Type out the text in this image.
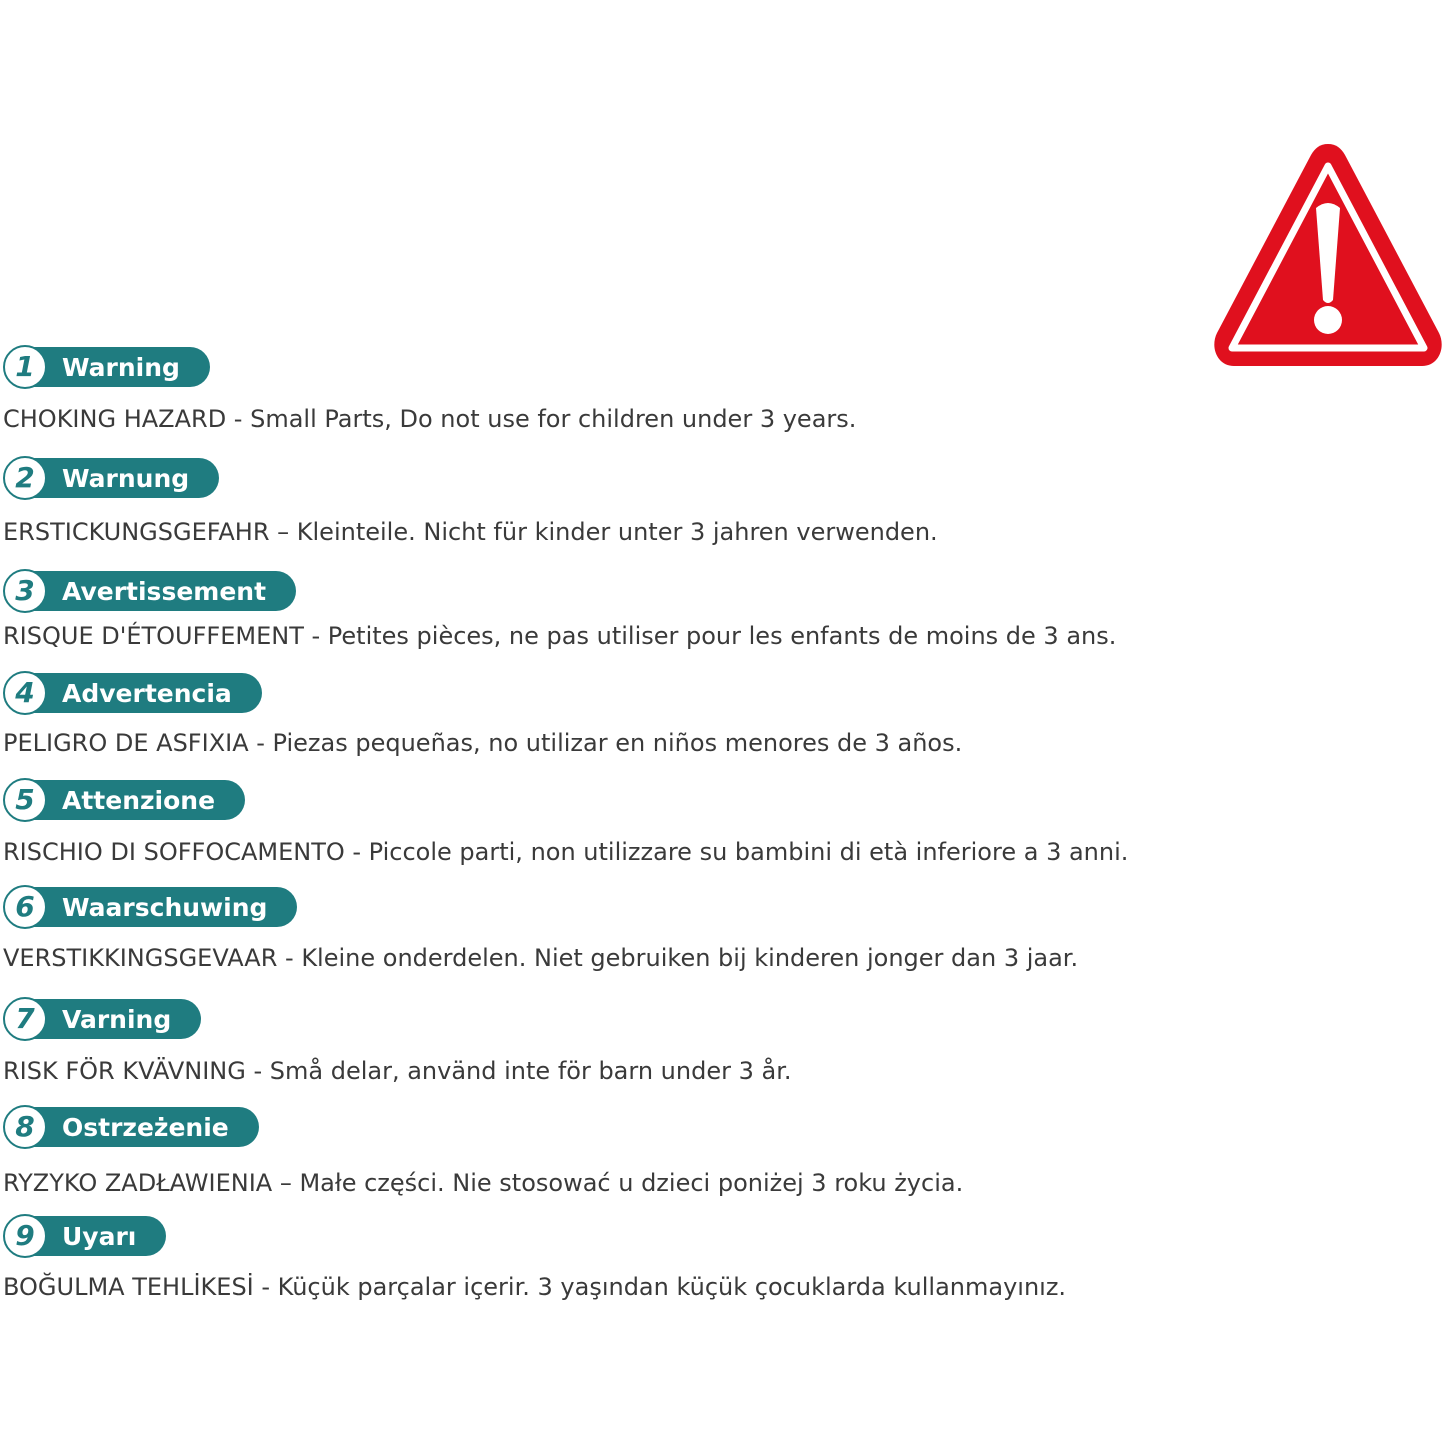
1 Warning
CHOKING HAZARD - Small Parts, Do not use for children under 3 years.
2 Warnung
ERSTICKUNGSGEFAHR – Kleinteile. Nicht für kinder unter 3 jahren verwenden.
3 Avertissement
RISQUE D'ÉTOUFFEMENT - Petites pièces, ne pas utiliser pour les enfants de moins de 3 ans.
4 Advertencia
PELIGRO DE ASFIXIA - Piezas pequeñas, no utilizar en niños menores de 3 años.
5 Attenzione
RISCHIO DI SOFFOCAMENTO - Piccole parti, non utilizzare su bambini di età inferiore a 3 anni.
6 Waarschuwing
VERSTIKKINGSGEVAAR - Kleine onderdelen. Niet gebruiken bij kinderen jonger dan 3 jaar.
7 Varning
RISK FÖR KVÄVNING - Små delar, använd inte för barn under 3 år.
8 Ostrzeżenie
RYZYKO ZADŁAWIENIA – Małe części. Nie stosować u dzieci poniżej 3 roku życia.
9 Uyarı
BOĞULMA TEHLİKESİ - Küçük parçalar içerir. 3 yaşından küçük çocuklarda kullanmayınız.
